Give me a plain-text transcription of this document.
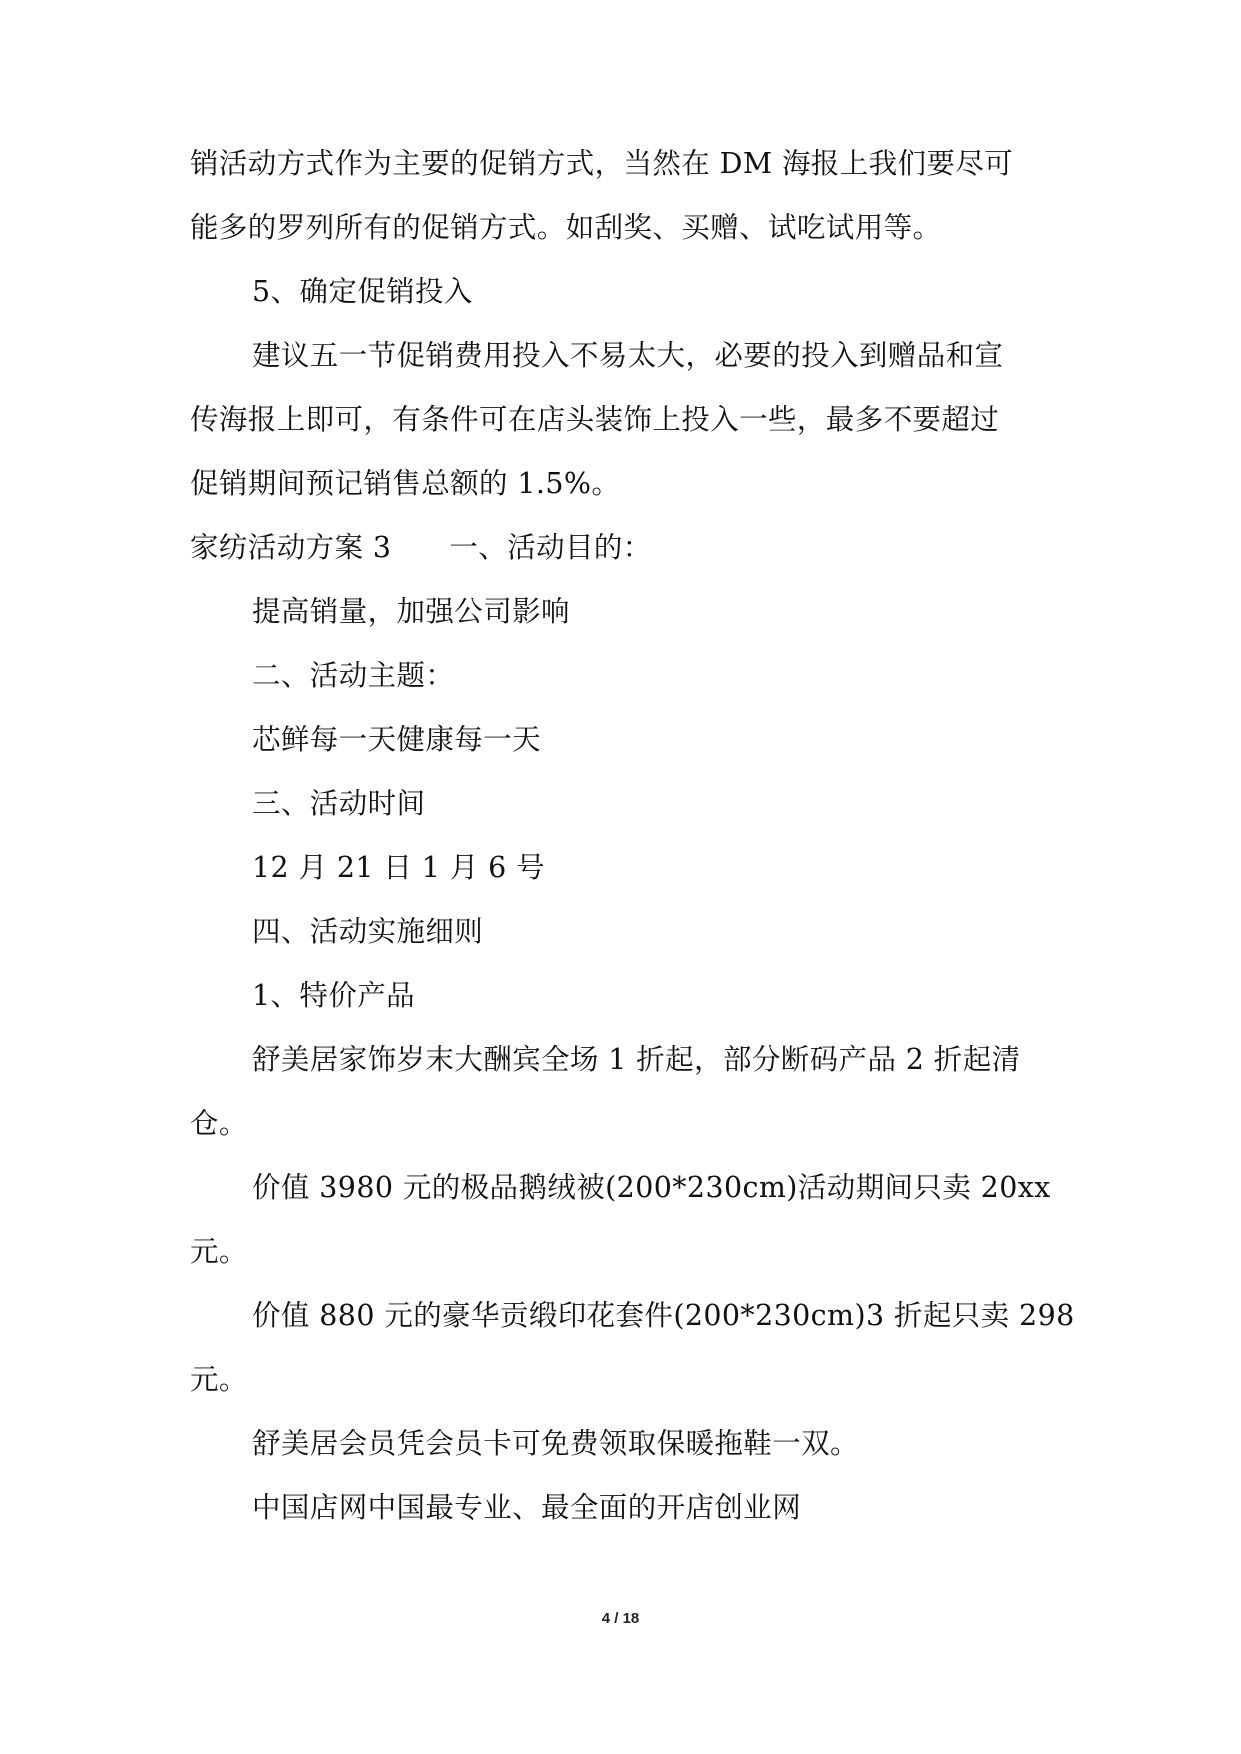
销活动方式作为主要的促销方式，当然在 DM 海报上我们要尽可
能多的罗列所有的促销方式。如刮奖、买赠、试吃试用等。
5、确定促销投入
建议五一节促销费用投入不易太大，必要的投入到赠品和宣
传海报上即可，有条件可在店头装饰上投入一些，最多不要超过
促销期间预记销售总额的 1.5%。
家纺活动方案 3 一、活动目的：
提高销量，加强公司影响
二、活动主题：
芯鲜每一天健康每一天
三、活动时间
12 月 21 日 1 月 6 号
四、活动实施细则
1、特价产品
舒美居家饰岁末大酬宾全场 1 折起，部分断码产品 2 折起清
仓。
价值 3980 元的极品鹅绒被(200*230cm)活动期间只卖 20xx
元。
价值 880 元的豪华贡缎印花套件(200*230cm)3 折起只卖 298
元。
舒美居会员凭会员卡可免费领取保暖拖鞋一双。
中国店网中国最专业、最全面的开店创业网
4 / 18
